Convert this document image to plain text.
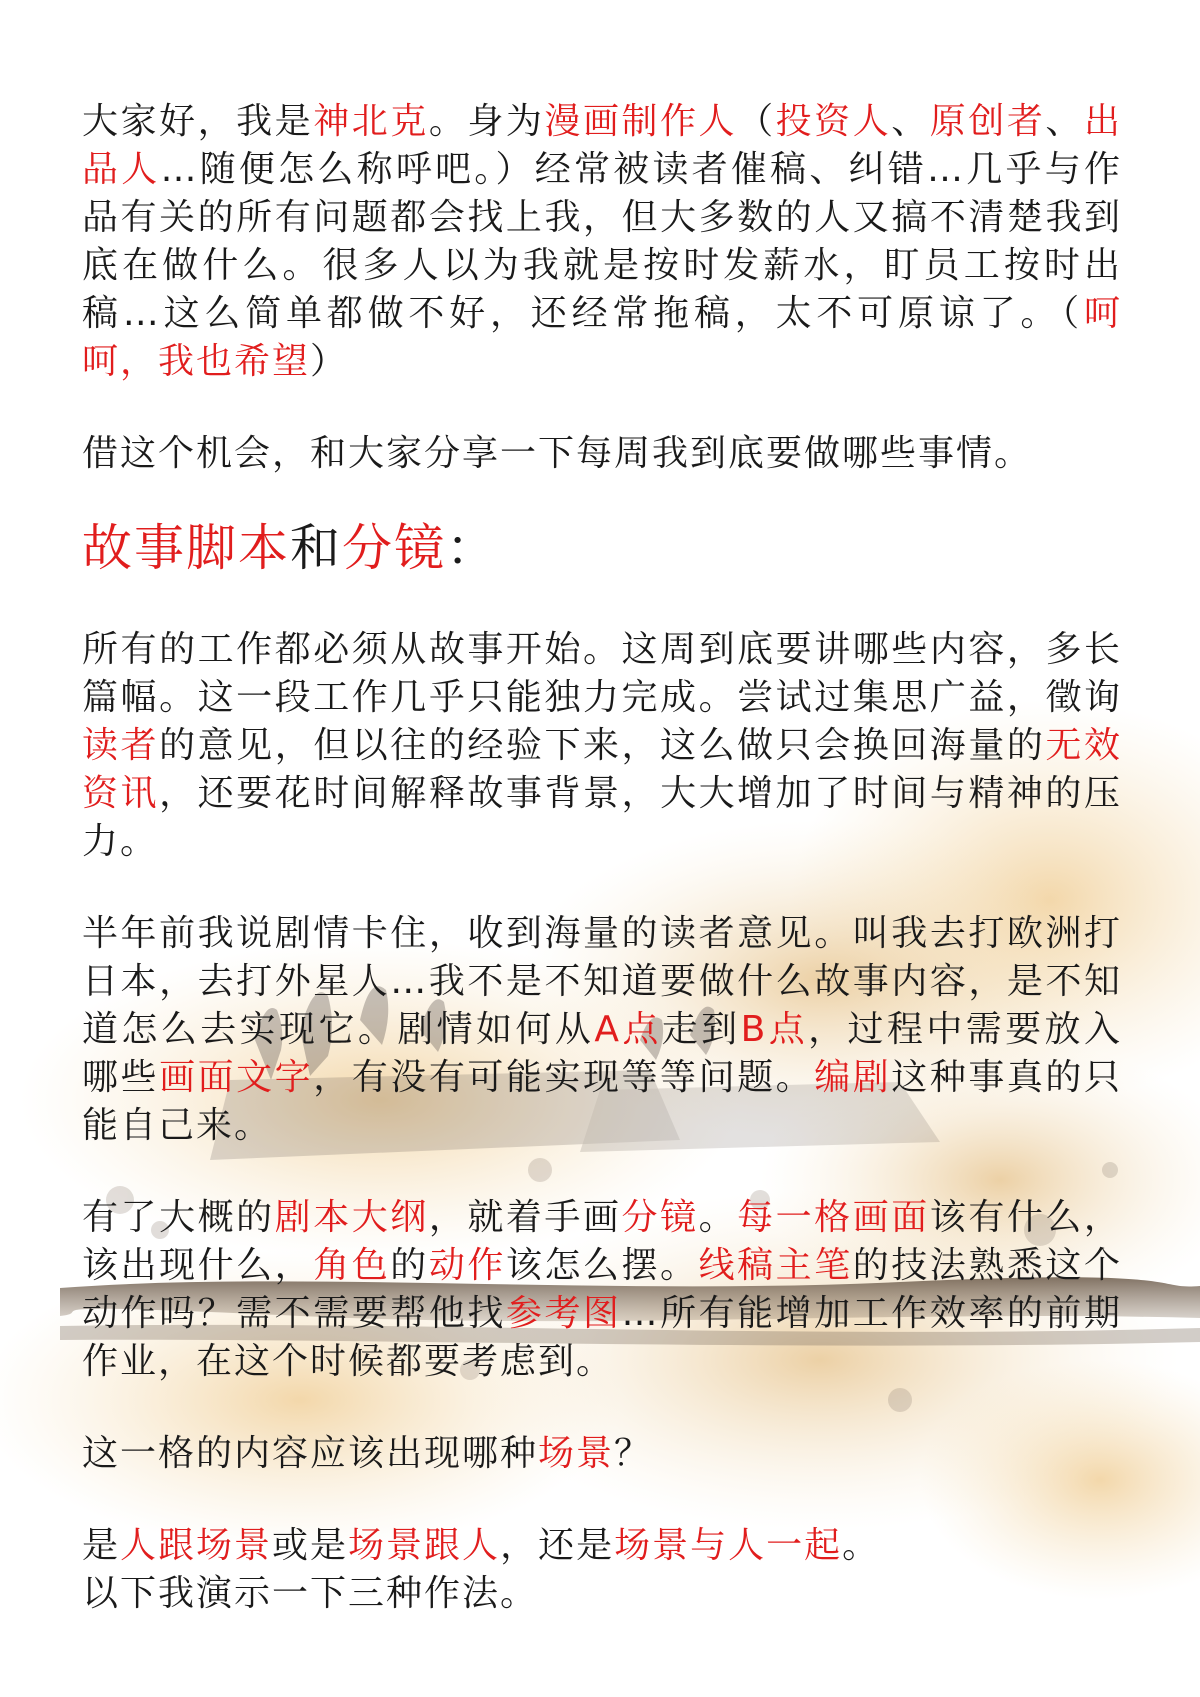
大家好，我是神北克。身为漫画制作人（投资人、原创者、出品人…随便怎么称呼吧。）经常被读者催稿、纠错…几乎与作品有关的所有问题都会找上我，但大多数的人又搞不清楚我到底在做什么。很多人以为我就是按时发薪水，盯员工按时出稿…这么简单都做不好，还经常拖稿，太不可原谅了。（呵呵，我也希望）

借这个机会，和大家分享一下每周我到底要做哪些事情。

故事脚本和分镜：

所有的工作都必须从故事开始。这周到底要讲哪些内容，多长篇幅。这一段工作几乎只能独力完成。尝试过集思广益，徵询读者的意见，但以往的经验下来，这么做只会换回海量的无效资讯，还要花时间解释故事背景，大大增加了时间与精神的压力。

半年前我说剧情卡住，收到海量的读者意见。叫我去打欧洲打日本，去打外星人…我不是不知道要做什么故事内容，是不知道怎么去实现它。剧情如何从A点走到B点，过程中需要放入哪些画面文字，有没有可能实现等等问题。编剧这种事真的只能自己来。

有了大概的剧本大纲，就着手画分镜。每一格画面该有什么，该出现什么，角色的动作该怎么摆。线稿主笔的技法熟悉这个动作吗？需不需要帮他找参考图…所有能增加工作效率的前期作业，在这个时候都要考虑到。

这一格的内容应该出现哪种场景？

是人跟场景或是场景跟人，还是场景与人一起。

以下我演示一下三种作法。
